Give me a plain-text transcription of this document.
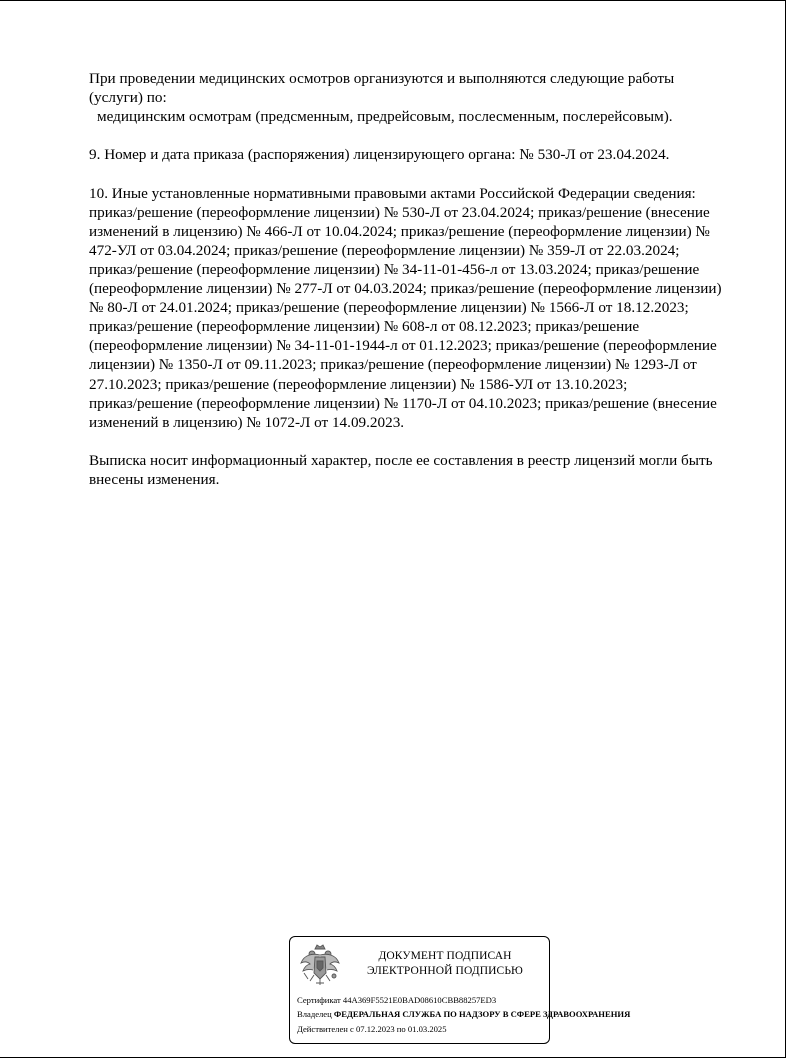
При проведении медицинских осмотров организуются и выполняются следующие работы

(услуги) по:

медицинским осмотрам (предсменным, предрейсовым, послесменным, послерейсовым).

9. Номер и дата приказа (распоряжения) лицензирующего органа: № 530-Л от 23.04.2024.

10. Иные установленные нормативными правовыми актами Российской Федерации сведения:

приказ/решение (переоформление лицензии) № 530-Л от 23.04.2024; приказ/решение (внесение

изменений в лицензию) № 466-Л от 10.04.2024; приказ/решение (переоформление лицензии) №

472-УЛ от 03.04.2024; приказ/решение (переоформление лицензии) № 359-Л от 22.03.2024;

приказ/решение (переоформление лицензии) № 34-11-01-456-л от 13.03.2024; приказ/решение

(переоформление лицензии) № 277-Л от 04.03.2024; приказ/решение (переоформление лицензии)

№ 80-Л от 24.01.2024; приказ/решение (переоформление лицензии) № 1566-Л от 18.12.2023;

приказ/решение (переоформление лицензии) № 608-л от 08.12.2023; приказ/решение

(переоформление лицензии) № 34-11-01-1944-л от 01.12.2023; приказ/решение (переоформление

лицензии) № 1350-Л от 09.11.2023; приказ/решение (переоформление лицензии) № 1293-Л от

27.10.2023; приказ/решение (переоформление лицензии) № 1586-УЛ от 13.10.2023;

приказ/решение (переоформление лицензии) № 1170-Л от 04.10.2023; приказ/решение (внесение

изменений в лицензию) № 1072-Л от 14.09.2023.

Выписка носит информационный характер, после ее составления в реестр лицензий могли быть

внесены изменения.

ДОКУМЕНТ ПОДПИСАН
ЭЛЕКТРОННОЙ ПОДПИСЬЮ
Сертификат 44A369F5521E0BAD08610CBB88257ED3
Владелец ФЕДЕРАЛЬНАЯ СЛУЖБА ПО НАДЗОРУ В СФЕРЕ ЗДРАВООХРАНЕНИЯ
Действителен с 07.12.2023 по 01.03.2025
